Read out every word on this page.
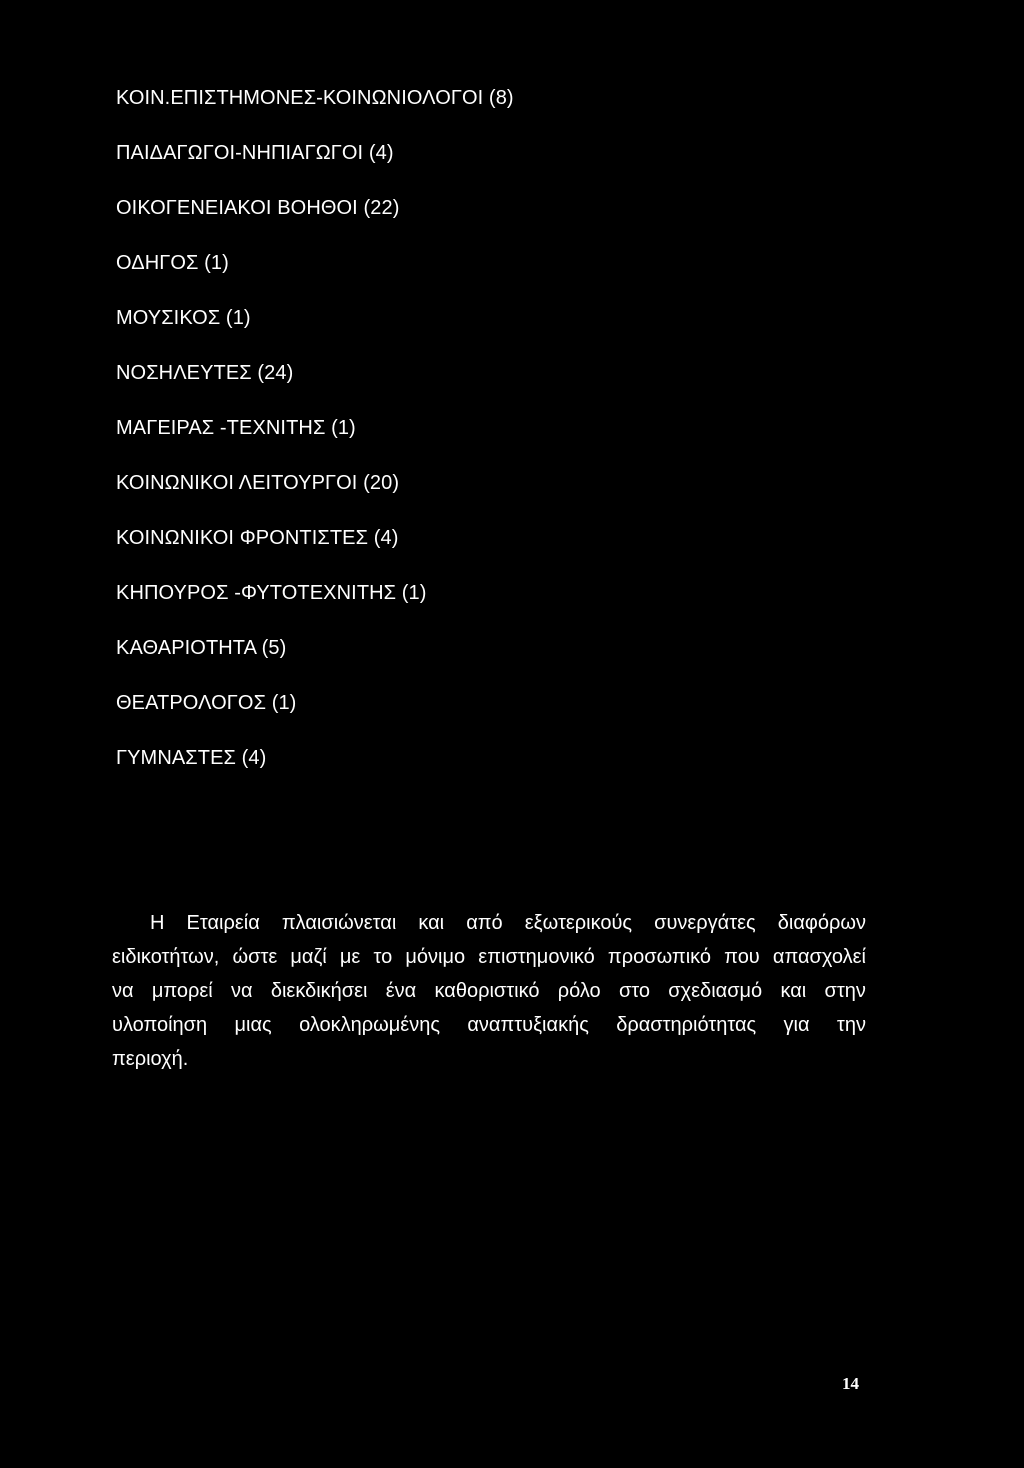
ΚΟΙΝ.ΕΠΙΣΤΗΜΟΝΕΣ-ΚΟΙΝΩΝΙΟΛΟΓΟΙ (8)
ΠΑΙΔΑΓΩΓΟΙ-ΝΗΠΙΑΓΩΓΟΙ (4)
ΟΙΚΟΓΕΝΕΙΑΚΟΙ ΒΟΗΘΟΙ (22)
ΟΔΗΓΟΣ (1)
ΜΟΥΣΙΚΟΣ (1)
ΝΟΣΗΛΕΥΤΕΣ (24)
ΜΑΓΕΙΡΑΣ -ΤΕΧΝΙΤΗΣ (1)
ΚΟΙΝΩΝΙΚΟΙ ΛΕΙΤΟΥΡΓΟΙ (20)
ΚΟΙΝΩΝΙΚΟΙ ΦΡΟΝΤΙΣΤΕΣ (4)
ΚΗΠΟΥΡΟΣ -ΦΥΤΟΤΕΧΝΙΤΗΣ (1)
ΚΑΘΑΡΙΟΤΗΤΑ (5)
ΘΕΑΤΡΟΛΟΓΟΣ (1)
ΓΥΜΝΑΣΤΕΣ (4)
Η Εταιρεία πλαισιώνεται και από εξωτερικούς συνεργάτες διαφόρων
ειδικοτήτων, ώστε μαζί με το μόνιμο επιστημονικό προσωπικό που απασχολεί
να μπορεί να διεκδικήσει ένα καθοριστικό ρόλο στο σχεδιασμό και στην
υλοποίηση μιας ολοκληρωμένης αναπτυξιακής δραστηριότητας για την
περιοχή.
14
